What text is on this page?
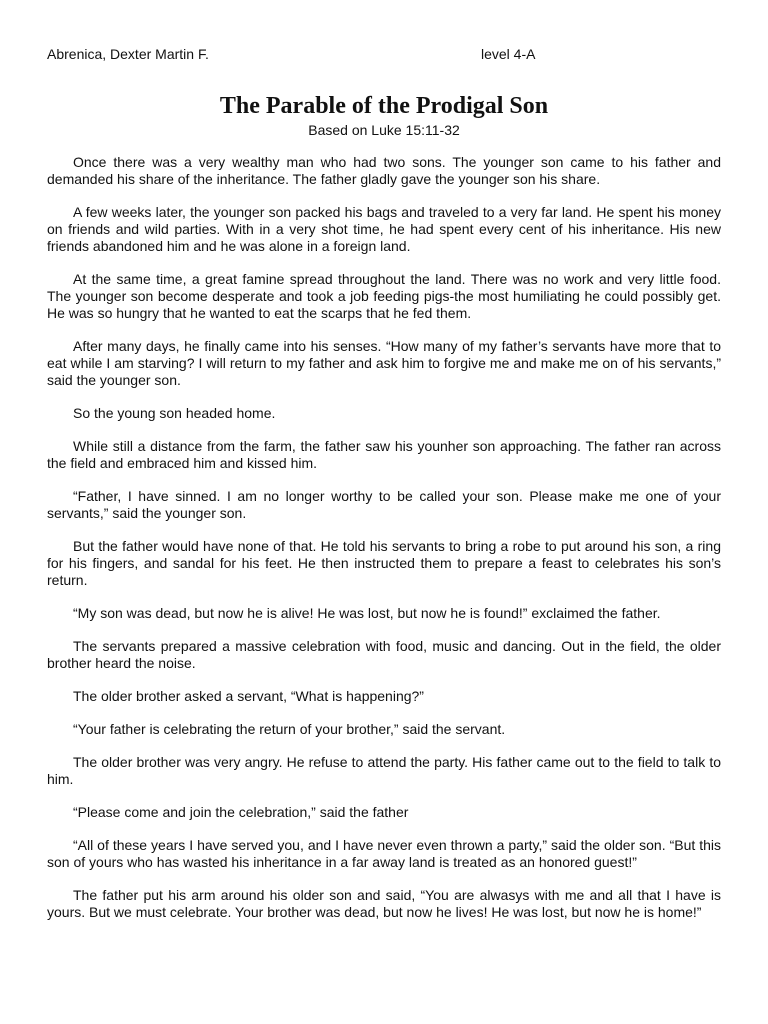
Abrenica, Dexter Martin F.	level 4-A
The Parable of the Prodigal Son
Based on Luke 15:11-32

Once there was a very wealthy man who had two sons. The younger son came to his father and demanded his share of the inheritance. The father gladly gave the younger son his share.

A few weeks later, the younger son packed his bags and traveled to a very far land. He spent his money on friends and wild parties. With in a very shot time, he had spent every cent of his inheritance. His new friends abandoned him and he was alone in a foreign land.

At the same time, a great famine spread throughout the land. There was no work and very little food. The younger son become desperate and took a job feeding pigs-the most humiliating he could possibly get. He was so hungry that he wanted to eat the scarps that he fed them.

After many days, he finally came into his senses. “How many of my father’s servants have more that to eat while I am starving? I will return to my father and ask him to forgive me and make me on of his servants,” said the younger son.

So the young son headed home.

While still a distance from the farm, the father saw his younher son approaching. The father ran across the field and embraced him and kissed him.

“Father, I have sinned. I am no longer worthy to be called your son. Please make me one of your servants,” said the younger son.

But the father would have none of that. He told his servants to bring a robe to put around his son, a ring for his fingers, and sandal for his feet. He then instructed them to prepare a feast to celebrates his son’s return.

“My son was dead, but now he is alive! He was lost, but now he is found!” exclaimed the father.

The servants prepared a massive celebration with food, music and dancing. Out in the field, the older brother heard the noise.

The older brother asked a servant, “What is happening?”

“Your father is celebrating the return of your brother,” said the servant.

The older brother was very angry. He refuse to attend the party. His father came out to the field to talk to him.

“Please come and join the celebration,” said the father

“All of these years I have served you, and I have never even thrown a party,” said the older son. “But this son of yours who has wasted his inheritance in a far away land is treated as an honored guest!”

The father put his arm around his older son and said, “You are alwasys with me and all that I have is yours. But we must celebrate. Your brother was dead, but now he lives! He was lost, but now he is home!”
